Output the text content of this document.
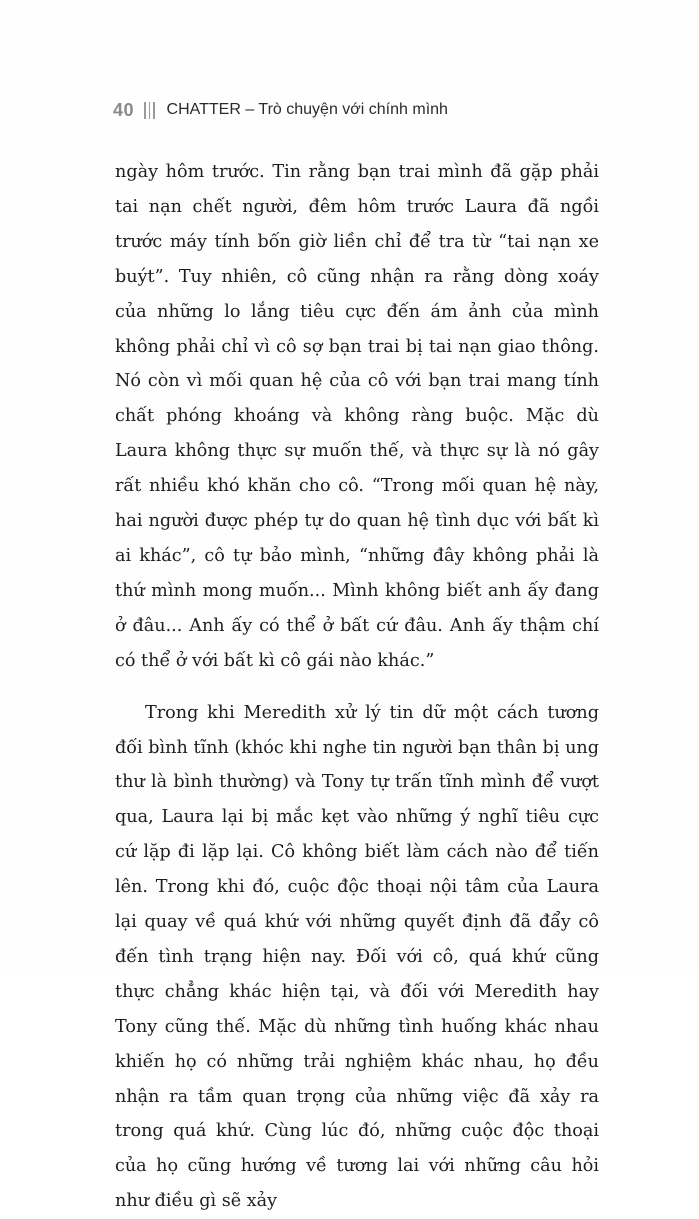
40 CHATTER – Trò chuyện với chính mình

ngày hôm trước. Tin rằng bạn trai mình đã gặp phải tai nạn chết người, đêm hôm trước Laura đã ngồi trước máy tính bốn giờ liền chỉ để tra từ “tai nạn xe buýt”. Tuy nhiên, cô cũng nhận ra rằng dòng xoáy của những lo lắng tiêu cực đến ám ảnh của mình không phải chỉ vì cô sợ bạn trai bị tai nạn giao thông. Nó còn vì mối quan hệ của cô với bạn trai mang tính chất phóng khoáng và không ràng buộc. Mặc dù Laura không thực sự muốn thế, và thực sự là nó gây rất nhiều khó khăn cho cô. “Trong mối quan hệ này, hai người được phép tự do quan hệ tình dục với bất kì ai khác”, cô tự bảo mình, “những đây không phải là thứ mình mong muốn... Mình không biết anh ấy đang ở đâu... Anh ấy có thể ở bất cứ đâu. Anh ấy thậm chí có thể ở với bất kì cô gái nào khác.”

Trong khi Meredith xử lý tin dữ một cách tương đối bình tĩnh (khóc khi nghe tin người bạn thân bị ung thư là bình thường) và Tony tự trấn tĩnh mình để vượt qua, Laura lại bị mắc kẹt vào những ý nghĩ tiêu cực cứ lặp đi lặp lại. Cô không biết làm cách nào để tiến lên. Trong khi đó, cuộc độc thoại nội tâm của Laura lại quay về quá khứ với những quyết định đã đẩy cô đến tình trạng hiện nay. Đối với cô, quá khứ cũng thực chẳng khác hiện tại, và đối với Meredith hay Tony cũng thế. Mặc dù những tình huống khác nhau khiến họ có những trải nghiệm khác nhau, họ đều nhận ra tầm quan trọng của những việc đã xảy ra trong quá khứ. Cùng lúc đó, những cuộc độc thoại của họ cũng hướng về tương lai với những câu hỏi như điều gì sẽ xảy
